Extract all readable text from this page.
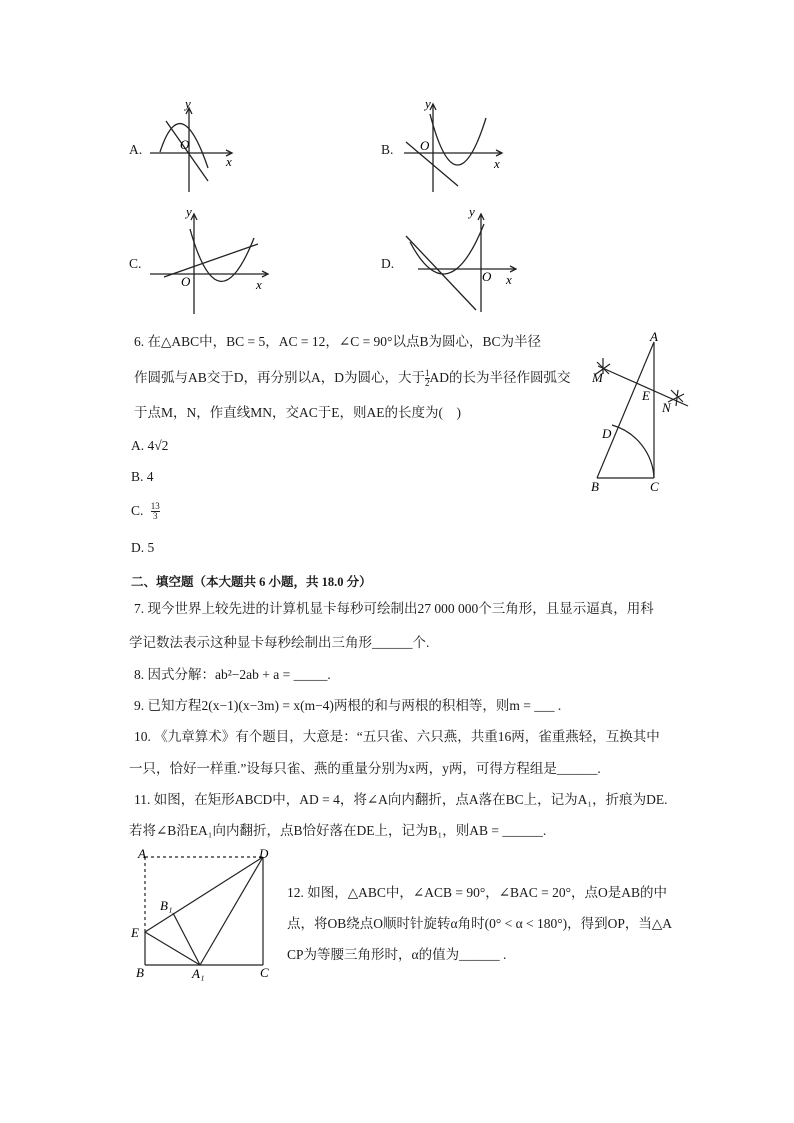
A.
y
x
O	B.
y
x
O
C.
y
x
O
D.
y
x
O
6. 在△ABC中，BC = 5，AC = 12，∠C = 90°以点B为圆心，BC为半径
作圆弧与AB交于D，再分别以A，D为圆心，大于 $\frac{1}{2}$ AD的长为半径作圆弧交
于点M，N，作直线MN，交AC于E，则AE的长度为(　)
A. 4√2
B. 4
C. $\frac{13}{3}$
D. 5
A
B	C
D
E
M
N
二、填空题（本大题共 6 小题，共 18.0 分）
7. 现今世界上较先进的计算机显卡每秒可绘制出27 000 000个三角形，且显示逼真，用科
学记数法表示这种显卡每秒绘制出三角形______个.
8. 因式分解：ab²−2ab + a = _____.
9. 已知方程2(x−1)(x−3m) = x(m−4)两根的和与两根的积相等，则m = ___ .
10. 《九章算术》有个题目，大意是：“五只雀、六只燕，共重16两，雀重燕轻，互换其中
一只，恰好一样重.”设每只雀、燕的重量分别为x两，y两，可得方程组是______.
11. 如图，在矩形ABCD中，AD = 4，将∠A向内翻折，点A落在BC上，记为A₁，折痕为DE.
若将∠B沿EA₁向内翻折，点B恰好落在DE上，记为B₁，则AB = ______.
A	D
E
B	C
A₁
B₁
12. 如图，△ABC中，∠ACB = 90°，∠BAC = 20°，点O是AB的中
点，将OB绕点O顺时针旋转α角时(0° < α < 180°)，得到OP，当△A
CP为等腰三角形时，α的值为______ .
